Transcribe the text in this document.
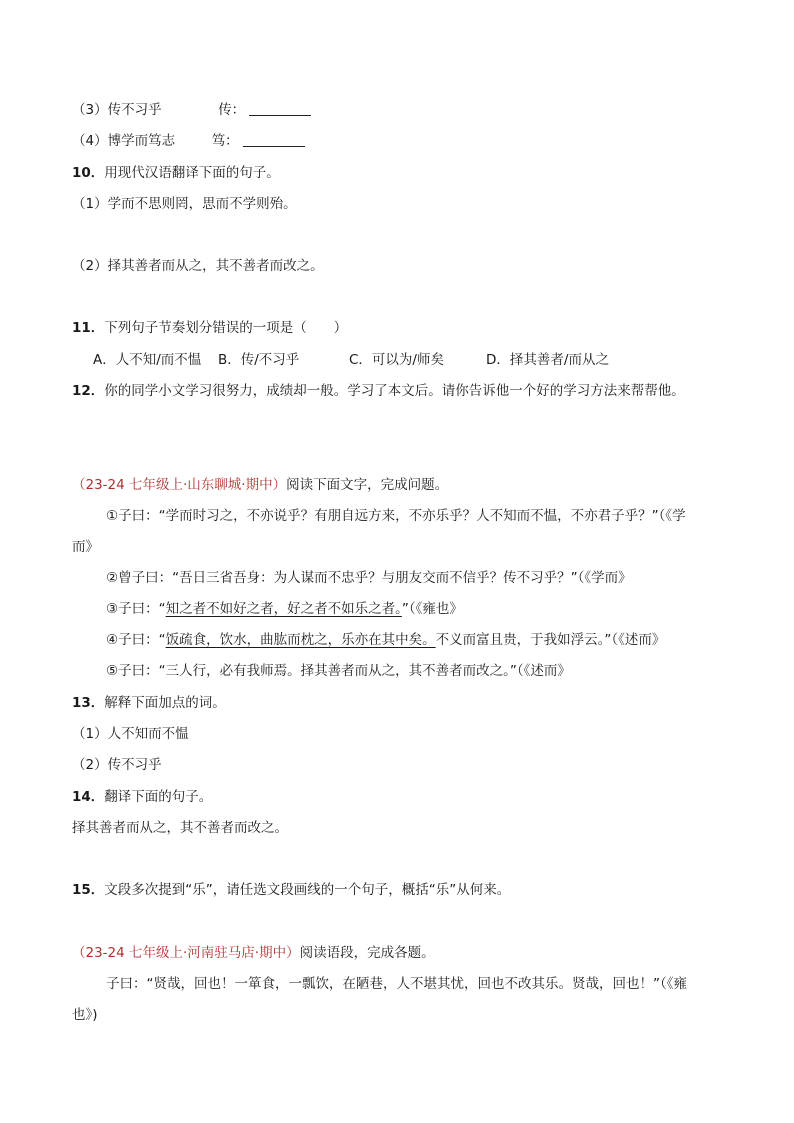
（3）传不习乎	传：
（4）博学而笃志	笃：
10．用现代汉语翻译下面的句子。
（1）学而不思则罔，思而不学则殆。
（2）择其善者而从之，其不善者而改之。
11．下列句子节奏划分错误的一项是（　　）
A．人不知/而不愠 B．传/不习乎	C．可以为/师矣	D．择其善者/而从之
12．你的同学小文学习很努力，成绩却一般。学习了本文后。请你告诉他一个好的学习方法来帮帮他。
（23-24 七年级上·山东聊城·期中）阅读下面文字，完成问题。
①子曰：“学而时习之，不亦说乎？有朋自远方来，不亦乐乎？人不知而不愠，不亦君子乎？”（《学
而》
②曾子曰：“吾日三省吾身：为人谋而不忠乎？与朋友交而不信乎？传不习乎？”（《学而》
③子曰：“知之者不如好之者，好之者不如乐之者。”（《雍也》
④子曰：“饭疏食，饮水，曲肱而枕之，乐亦在其中矣。不义而富且贵，于我如浮云。”（《述而》
⑤子曰：“三人行，必有我师焉。择其善者而从之，其不善者而改之。”（《述而》
13．解释下面加点的词。
（1）人不知而不愠
（2）传不习乎
14．翻译下面的句子。
择其善者而从之，其不善者而改之。
15．文段多次提到“乐”，请任选文段画线的一个句子，概括“乐”从何来。
（23-24 七年级上·河南驻马店·期中）阅读语段，完成各题。
子曰：“贤哉，回也！一箪食，一瓢饮，在陋巷，人不堪其忧，回也不改其乐。贤哉，回也！”（《雍
也》)
